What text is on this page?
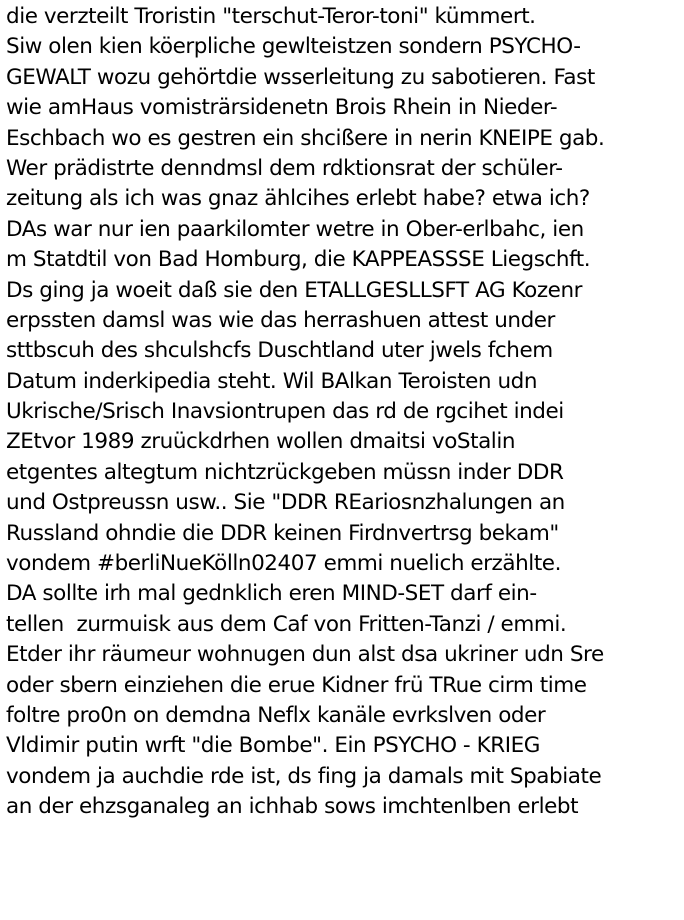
die verzteilt Troristin "terschut-Teror-toni" kümmert.
Siw olen kien köerpliche gewlteistzen sondern PSYCHO-
GEWALT wozu gehörtdie wsserleitung zu sabotieren. Fast
wie amHaus vomisträrsidenetn Brois Rhein in Nieder-
Eschbach wo es gestren ein shcißere in nerin KNEIPE gab.
Wer prädistrte denndmsl dem rdktionsrat der schüler-
zeitung als ich was gnaz ählcihes erlebt habe? etwa ich?
DAs war nur ien paarkilomter wetre in Ober-erlbahc, ien
m Statdtil von Bad Homburg, die KAPPEASSSE Liegschft.
Ds ging ja woeit daß sie den ETALLGESLLSFT AG Kozenr
erpssten damsl was wie das herrashuen attest under
sttbscuh des shculshcfs Duschtland uter jwels fchem
Datum inderkipedia steht. Wil BAlkan Teroisten udn
Ukrische/Srisch Inavsiontrupen das rd de rgcihet indei
ZEtvor 1989 zruückdrhen wollen dmaitsi voStalin
etgentes altegtum nichtzrückgeben müssn inder DDR
und Ostpreussn usw.. Sie "DDR REariosnzhalungen an
Russland ohndie die DDR keinen Firdnvertrsg bekam"
vondem #berliNueKölln02407 emmi nuelich erzählte.
DA sollte irh mal gednklich eren MIND-SET darf ein-
tellen  zurmuisk aus dem Caf von Fritten-Tanzi / emmi.
Etder ihr räumeur wohnugen dun alst dsa ukriner udn Sre
oder sbern einziehen die erue Kidner frü TRue cirm time
foltre pro0n on demdna Neflx kanäle evrkslven oder
Vldimir putin wrft "die Bombe". Ein PSYCHO - KRIEG
vondem ja auchdie rde ist, ds fing ja damals mit Spabiate
an der ehzsganaleg an ichhab sows imchtenlben erlebt
